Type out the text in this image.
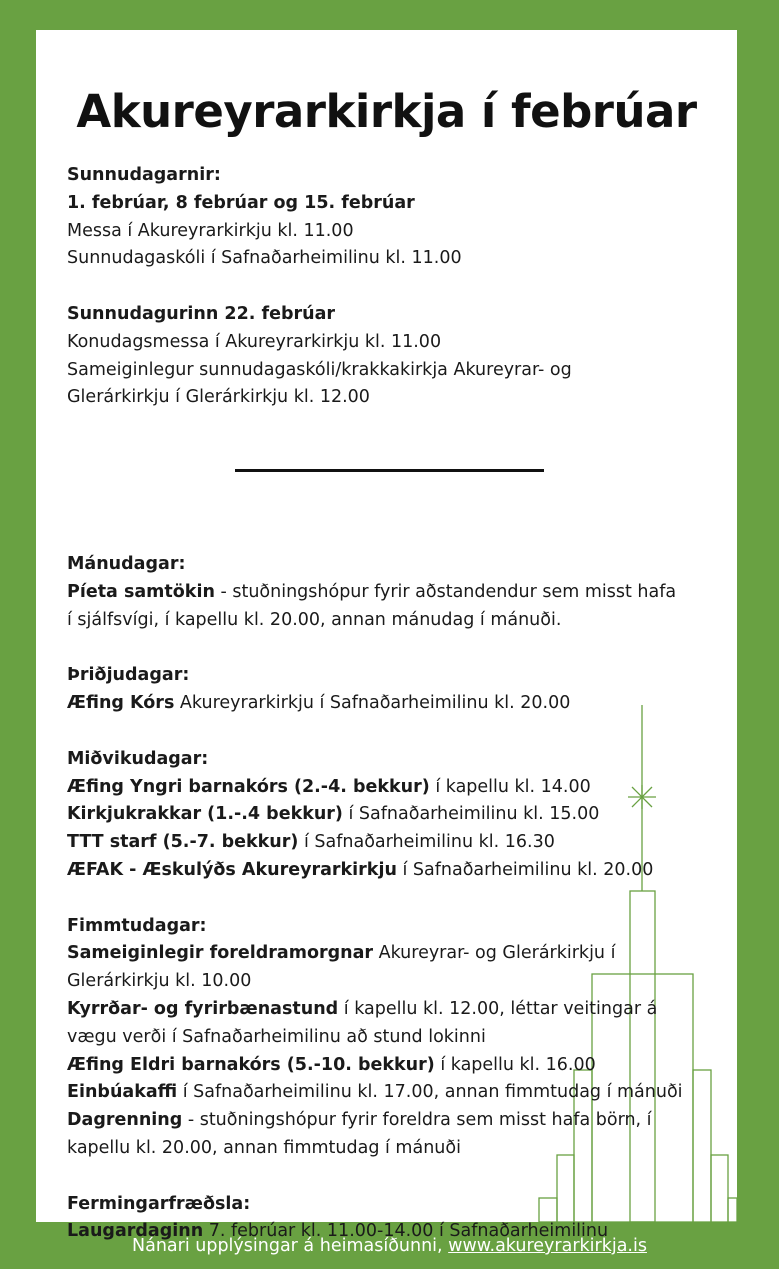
Akureyrarkirkja í febrúar
Sunnudagarnir:
1. febrúar, 8 febrúar og 15. febrúar
Messa í Akureyrarkirkju kl. 11.00
Sunnudagaskóli í Safnaðarheimilinu kl. 11.00
Sunnudagurinn 22. febrúar
Konudagsmessa í Akureyrarkirkju kl. 11.00
Sameiginlegur sunnudagaskóli/krakkakirkja Akureyrar- og
Glerárkirkju í Glerárkirkju kl. 12.00
Mánudagar:
Píeta samtökin - stuðningshópur fyrir aðstandendur sem misst hafa
í sjálfsvígi, í kapellu kl. 20.00, annan mánudag í mánuði.
Þriðjudagar:
Æfing Kórs Akureyrarkirkju í Safnaðarheimilinu kl. 20.00
Miðvikudagar:
Æfing Yngri barnakórs (2.-4. bekkur) í kapellu kl. 14.00
Kirkjukrakkar (1.-.4 bekkur) í Safnaðarheimilinu kl. 15.00
TTT starf (5.-7. bekkur) í Safnaðarheimilinu kl. 16.30
ÆFAK - Æskulýðs Akureyrarkirkju í Safnaðarheimilinu kl. 20.00
Fimmtudagar:
Sameiginlegir foreldramorgnar Akureyrar- og Glerárkirkju í
Glerárkirkju kl. 10.00
Kyrrðar- og fyrirbænastund í kapellu kl. 12.00, léttar veitingar á
vægu verði í Safnaðarheimilinu að stund lokinni
Æfing Eldri barnakórs (5.-10. bekkur) í kapellu kl. 16.00
Einbúakaffi í Safnaðarheimilinu kl. 17.00, annan fimmtudag í mánuði
Dagrenning - stuðningshópur fyrir foreldra sem misst hafa börn, í
kapellu kl. 20.00, annan fimmtudag í mánuði
Fermingarfræðsla:
Laugardaginn 7. febrúar kl. 11.00-14.00 í Safnaðarheimilinu
Nánari upplýsingar á heimasíðunni, www.akureyrarkirkja.is
